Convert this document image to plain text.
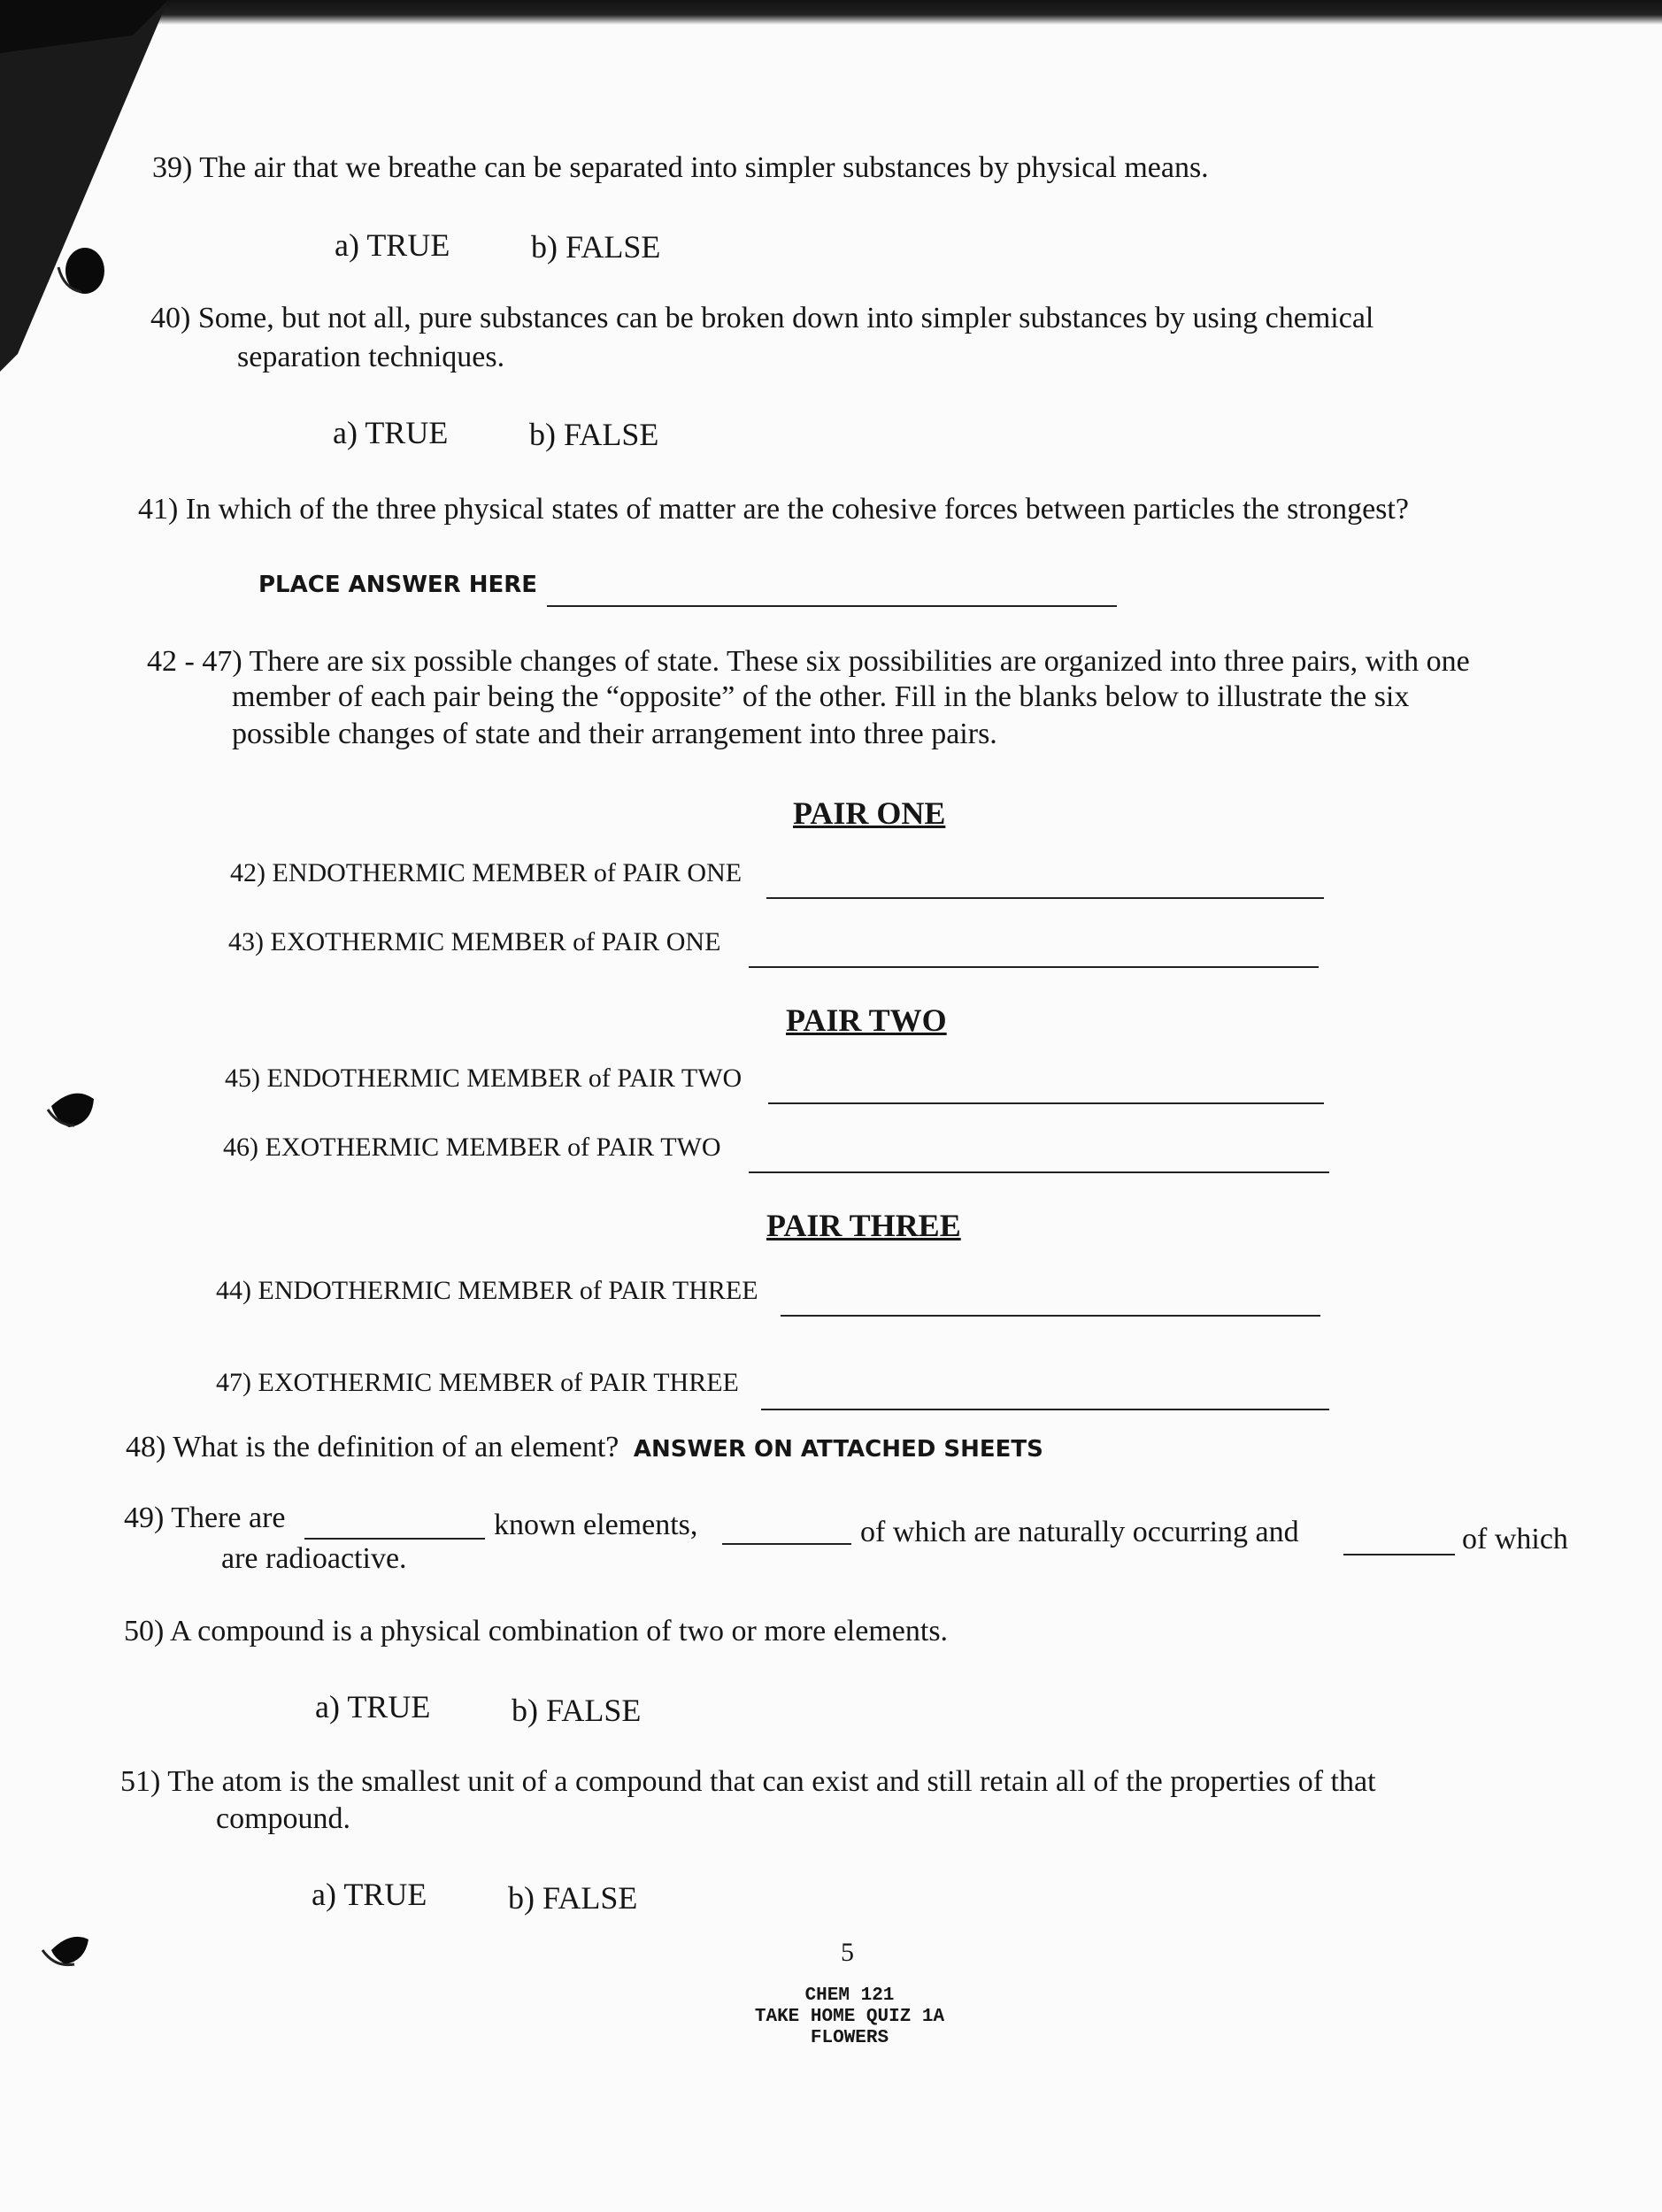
39) The air that we breathe can be separated into simpler substances by physical means.
a) TRUE	b) FALSE
40) Some, but not all, pure substances can be broken down into simpler substances by using chemical
separation techniques.
a) TRUE	b) FALSE
41) In which of the three physical states of matter are the cohesive forces between particles the strongest?
PLACE ANSWER HERE
42 - 47) There are six possible changes of state. These six possibilities are organized into three pairs, with one
member of each pair being the “opposite” of the other. Fill in the blanks below to illustrate the six
possible changes of state and their arrangement into three pairs.
PAIR ONE
42) ENDOTHERMIC MEMBER of PAIR ONE
43) EXOTHERMIC MEMBER of PAIR ONE
PAIR TWO
45) ENDOTHERMIC MEMBER of PAIR TWO
46) EXOTHERMIC MEMBER of PAIR TWO
PAIR THREE
44) ENDOTHERMIC MEMBER of PAIR THREE
47) EXOTHERMIC MEMBER of PAIR THREE
48) What is the definition of an element? ANSWER ON ATTACHED SHEETS
49) There are	known elements,	of which are naturally occurring and	of which
are radioactive.
50) A compound is a physical combination of two or more elements.
a) TRUE	b) FALSE
51) The atom is the smallest unit of a compound that can exist and still retain all of the properties of that
compound.
a) TRUE	b) FALSE
5
CHEM 121
TAKE HOME QUIZ 1A
FLOWERS
